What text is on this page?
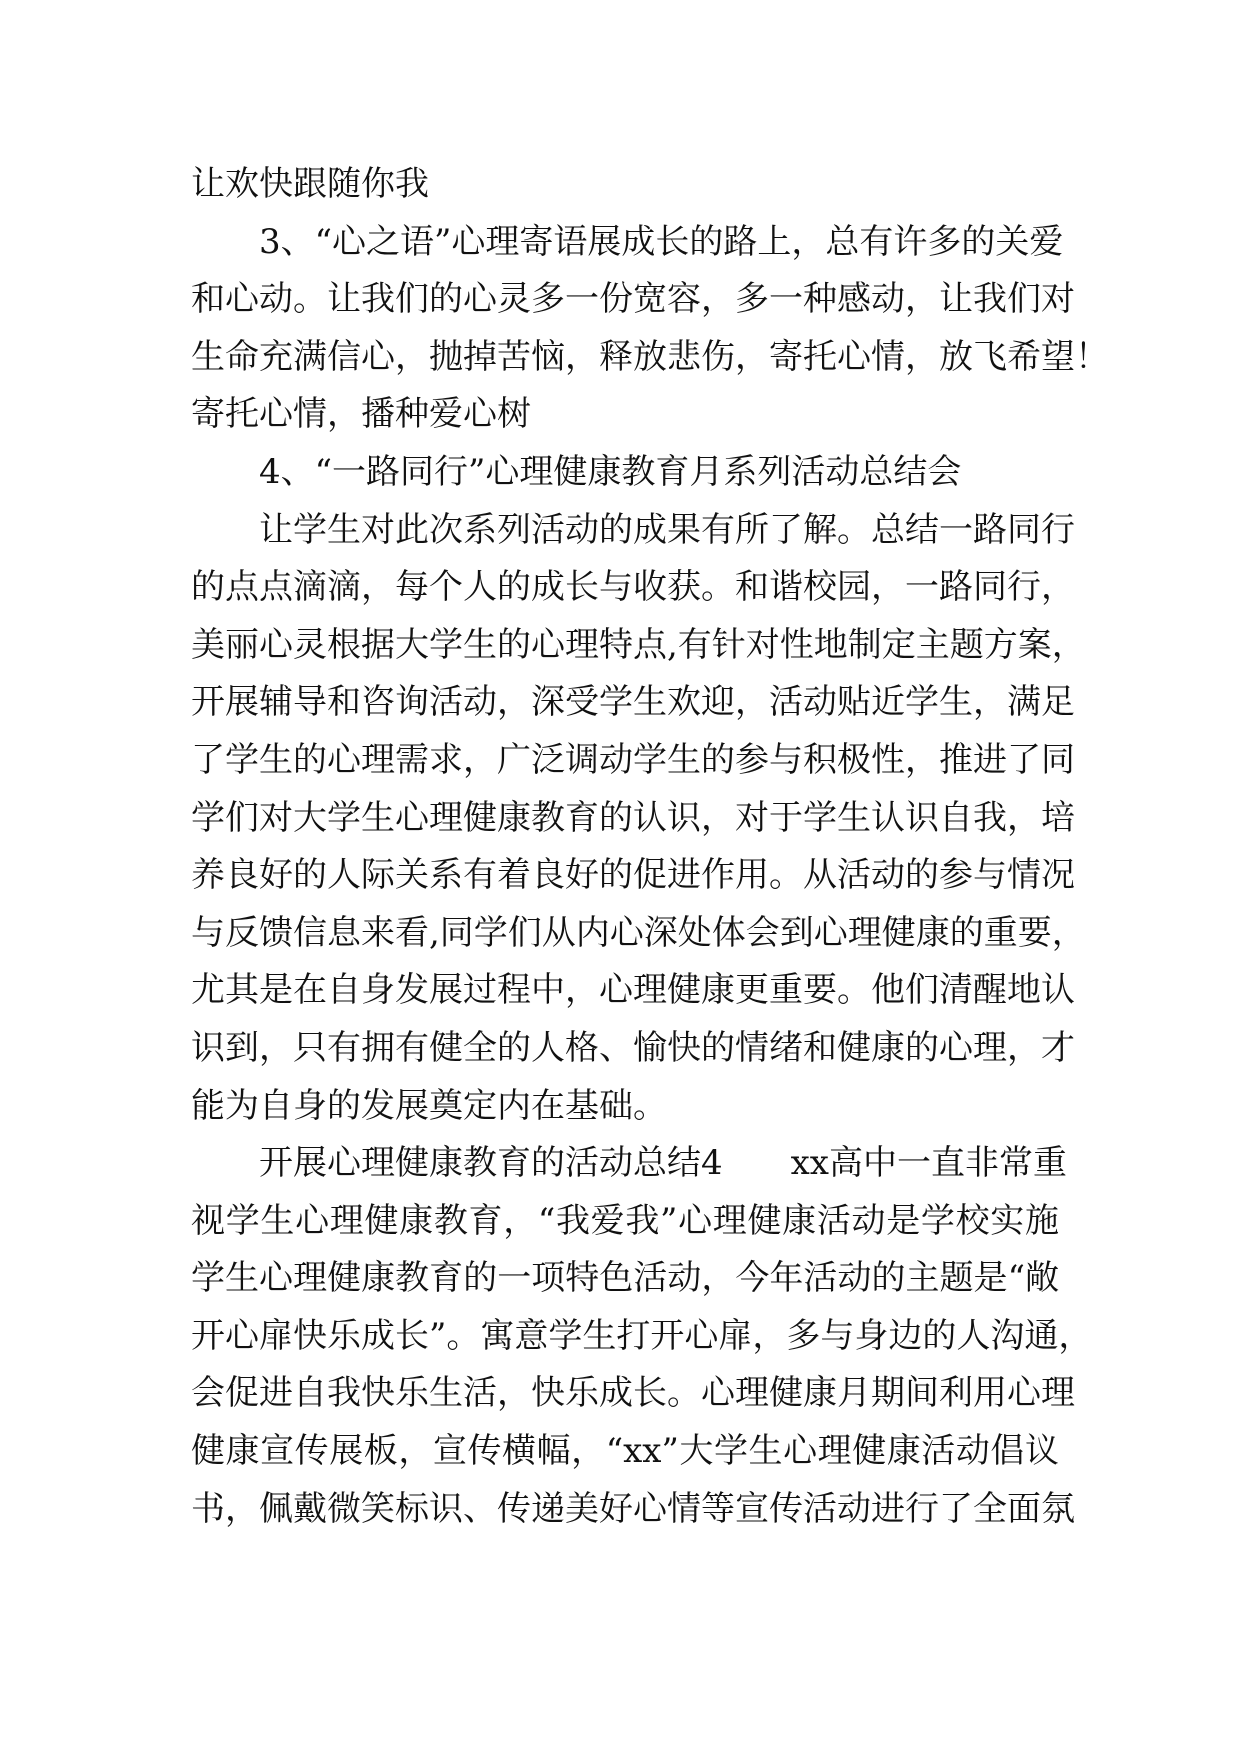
让欢快跟随你我
3、“心之语”心理寄语展成长的路上，总有许多的关爱
和心动。让我们的心灵多一份宽容，多一种感动，让我们对
生命充满信心，抛掉苦恼，释放悲伤，寄托心情，放飞希望！
寄托心情，播种爱心树
4、“一路同行”心理健康教育月系列活动总结会
让学生对此次系列活动的成果有所了解。总结一路同行
的点点滴滴，每个人的成长与收获。和谐校园，一路同行，
美丽心灵根据大学生的心理特点,有针对性地制定主题方案，
开展辅导和咨询活动，深受学生欢迎，活动贴近学生，满足
了学生的心理需求，广泛调动学生的参与积极性，推进了同
学们对大学生心理健康教育的认识，对于学生认识自我，培
养良好的人际关系有着良好的促进作用。从活动的参与情况
与反馈信息来看,同学们从内心深处体会到心理健康的重要，
尤其是在自身发展过程中，心理健康更重要。他们清醒地认
识到，只有拥有健全的人格、愉快的情绪和健康的心理，才
能为自身的发展奠定内在基础。
开展心理健康教育的活动总结4　　xx高中一直非常重
视学生心理健康教育，“我爱我”心理健康活动是学校实施
学生心理健康教育的一项特色活动，今年活动的主题是“敞
开心扉快乐成长”。寓意学生打开心扉，多与身边的人沟通，
会促进自我快乐生活，快乐成长。心理健康月期间利用心理
健康宣传展板，宣传横幅，“xx”大学生心理健康活动倡议
书，佩戴微笑标识、传递美好心情等宣传活动进行了全面氛
